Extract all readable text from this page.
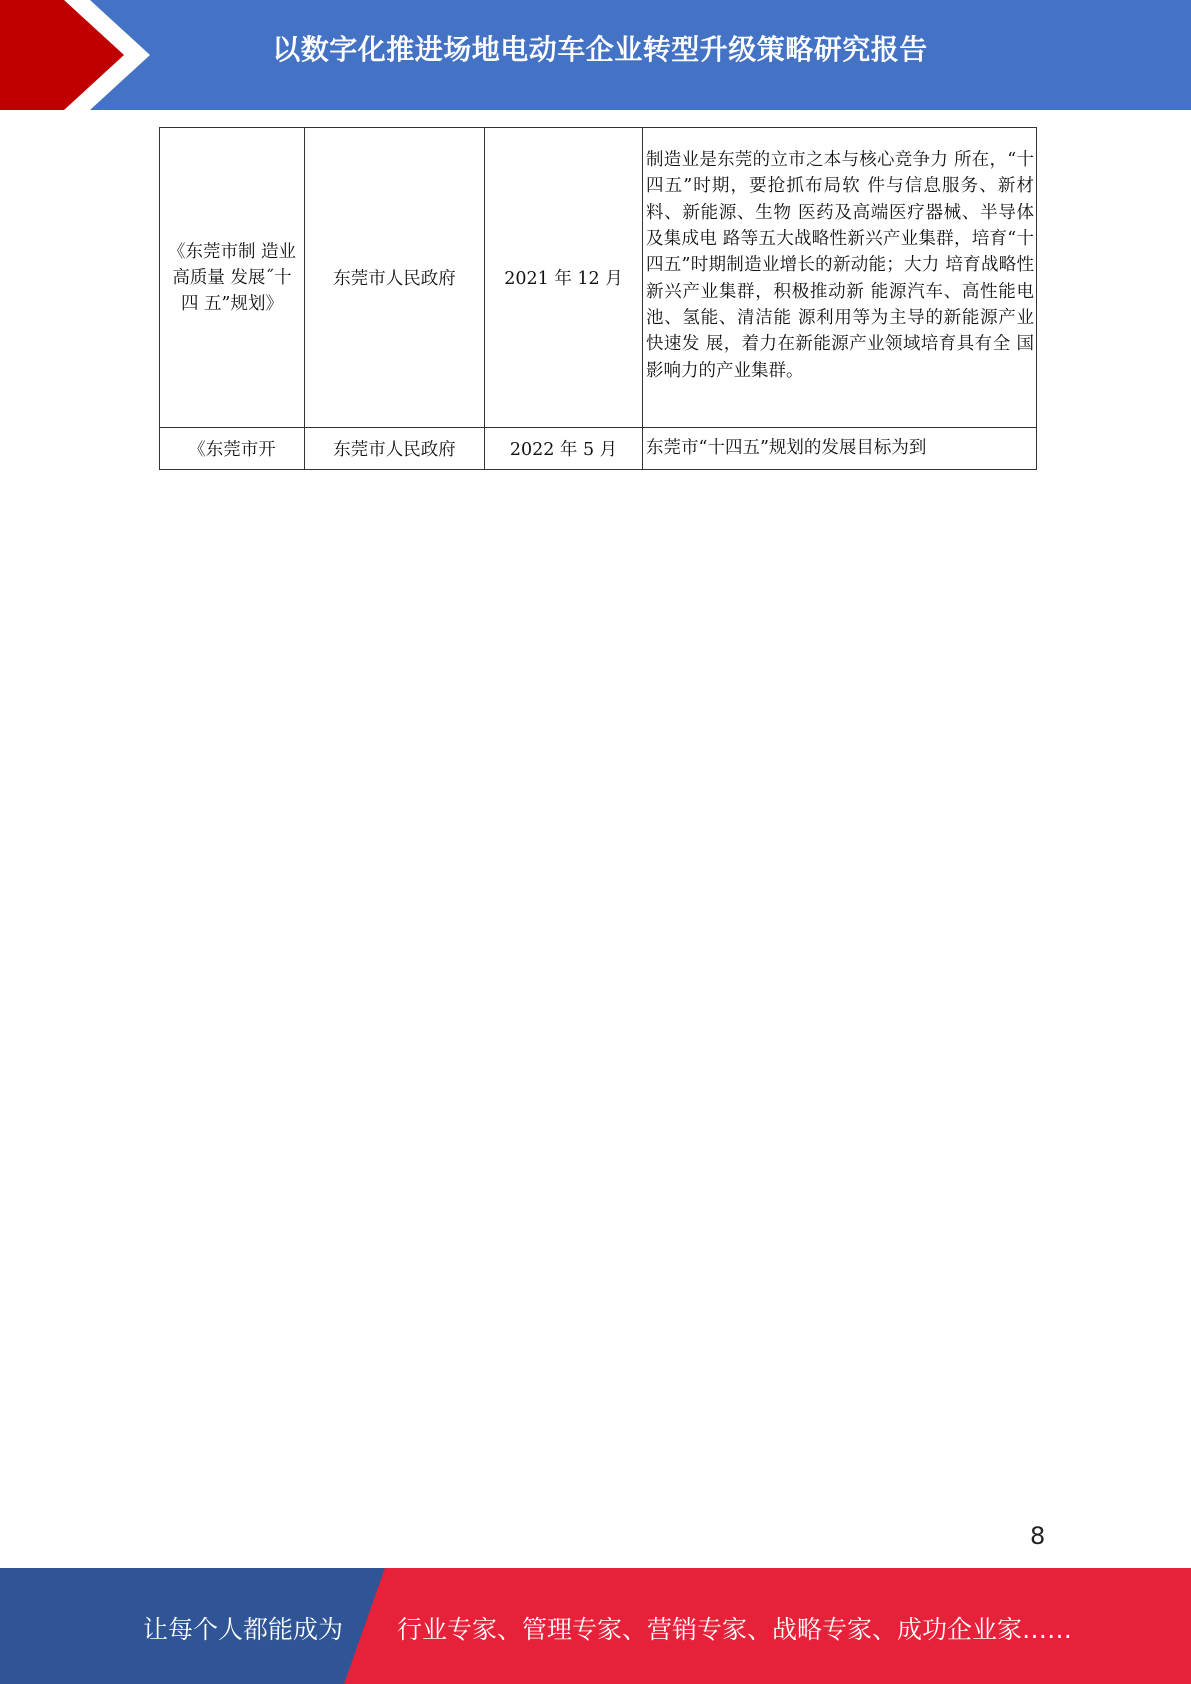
以数字化推进场地电动车企业转型升级策略研究报告
《东莞市制 造业高质量 发展˝十四 五”规划》	东莞市人民政府	2021 年 12 月	制造业是东莞的立市之本与核心竞争力 所在，“十四五”时期，要抢抓布局软 件与信息服务、新材料、新能源、生物 医药及高端医疗器械、半导体及集成电 路等五大战略性新兴产业集群，培育“十 四五”时期制造业增长的新动能；大力 培育战略性新兴产业集群，积极推动新 能源汽车、高性能电池、氢能、清洁能 源利用等为主导的新能源产业快速发 展，着力在新能源产业领域培育具有全 国影响力的产业集群。

《东莞市开	东莞市人民政府	2022 年 5 月	东莞市“十四五”规划的发展目标为到
8
让每个人都能成为 行业专家、管理专家、营销专家、战略专家、成功企业家……
